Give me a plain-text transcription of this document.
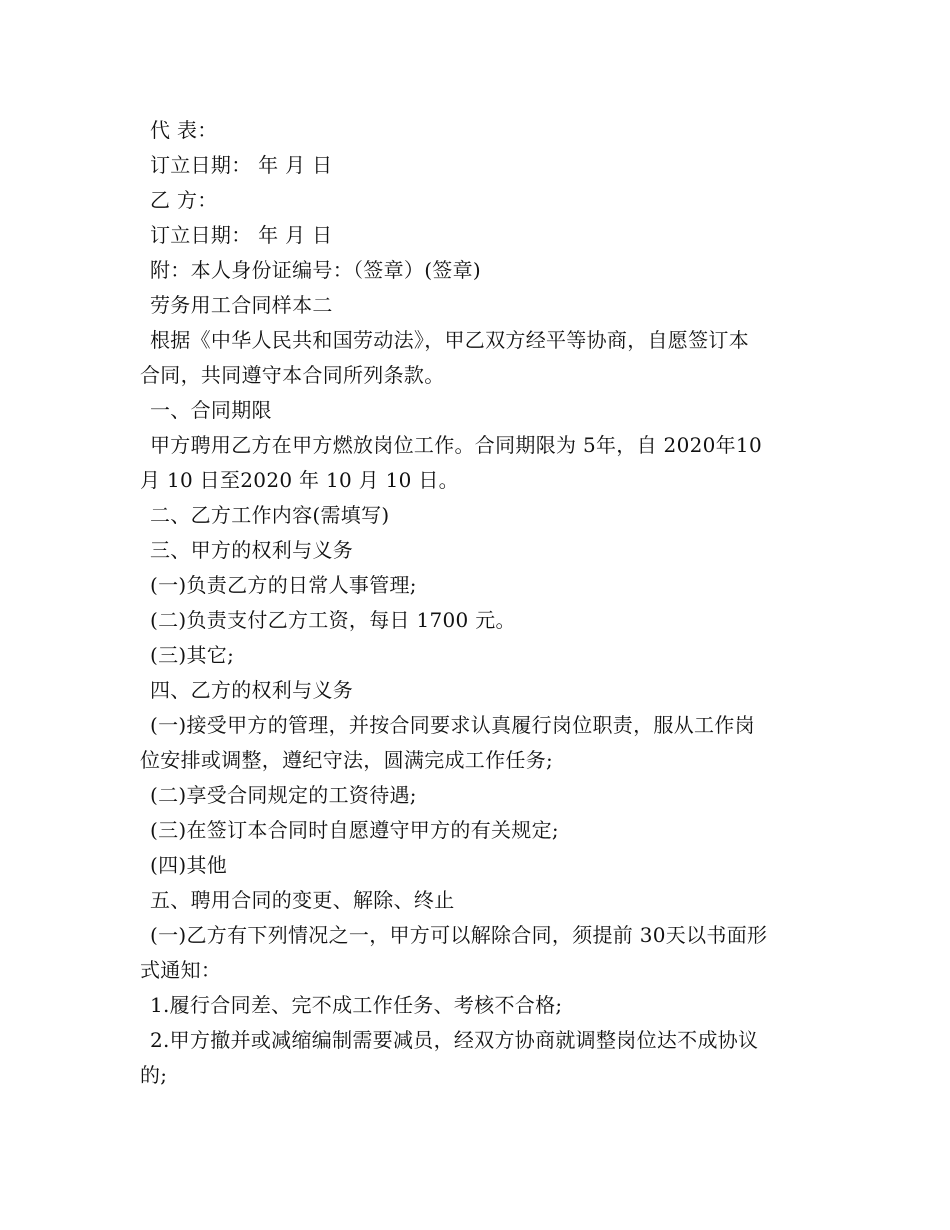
代 表：
订立日期： 年 月 日
乙 方：
订立日期： 年 月 日
附：本人身份证编号：（签章）(签章)
劳务用工合同样本二
根据《中华人民共和国劳动法》，甲乙双方经平等协商，自愿签订本
合同，共同遵守本合同所列条款。
一、合同期限
甲方聘用乙方在甲方燃放岗位工作。合同期限为 5年，自 2020年10
月 10 日至2020 年 10 月 10 日。
二、乙方工作内容(需填写)
三、甲方的权利与义务
(一)负责乙方的日常人事管理;
(二)负责支付乙方工资，每日 1700 元。
(三)其它;
四、乙方的权利与义务
(一)接受甲方的管理，并按合同要求认真履行岗位职责，服从工作岗
位安排或调整，遵纪守法，圆满完成工作任务;
(二)享受合同规定的工资待遇;
(三)在签订本合同时自愿遵守甲方的有关规定;
(四)其他
五、聘用合同的变更、解除、终止
(一)乙方有下列情况之一，甲方可以解除合同，须提前 30天以书面形
式通知：
1.履行合同差、完不成工作任务、考核不合格;
2.甲方撤并或减缩编制需要减员，经双方协商就调整岗位达不成协议
的;
